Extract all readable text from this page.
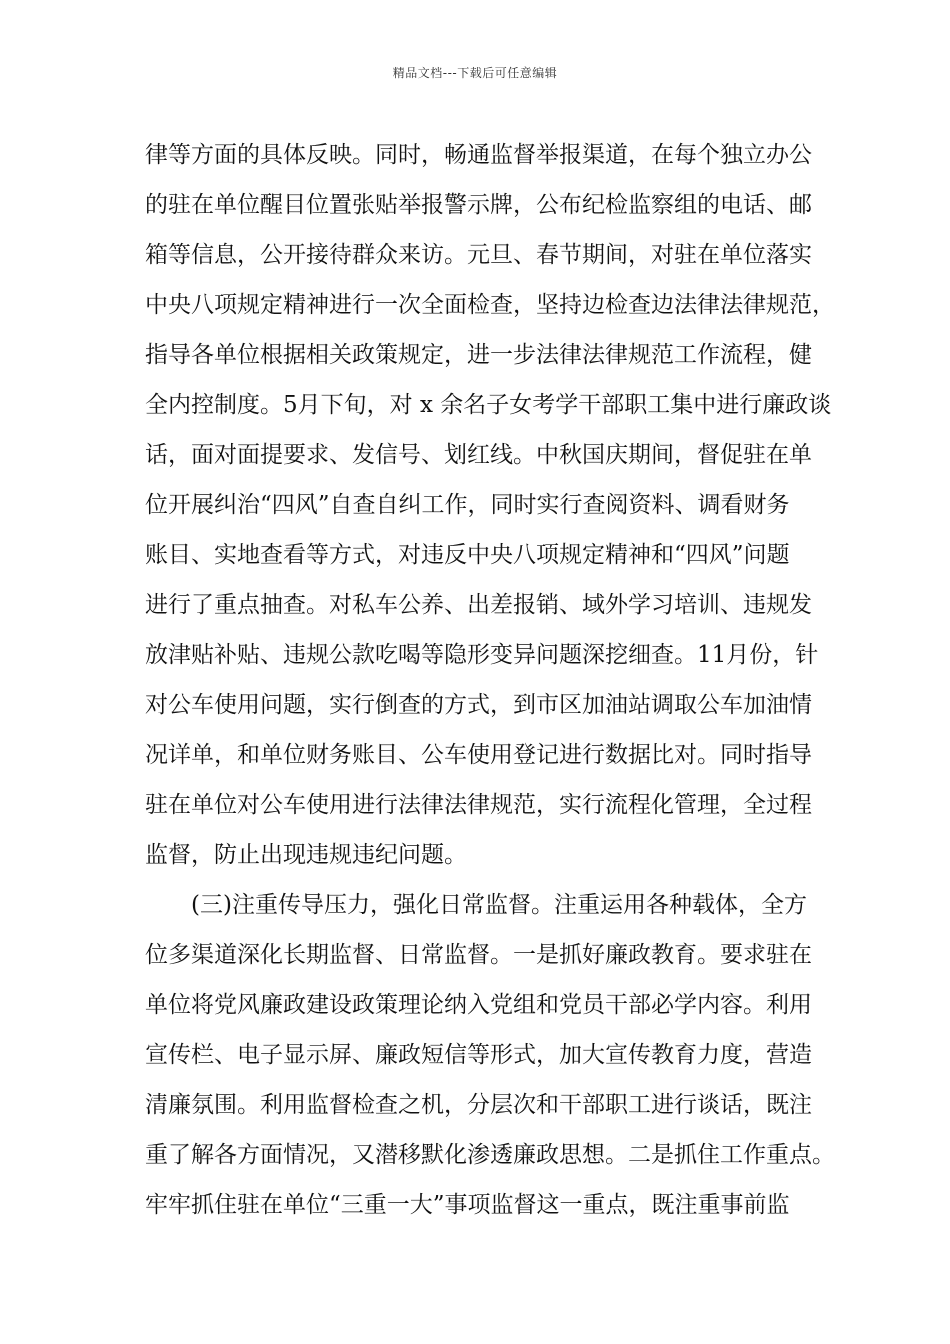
精品文档---下载后可任意编辑
律等方面的具体反映。同时，畅通监督举报渠道，在每个独立办公
的驻在单位醒目位置张贴举报警示牌，公布纪检监察组的电话、邮
箱等信息，公开接待群众来访。元旦、春节期间，对驻在单位落实
中央八项规定精神进行一次全面检查，坚持边检查边法律法律规范，
指导各单位根据相关政策规定，进一步法律法律规范工作流程，健
全内控制度。5月下旬，对 x 余名子女考学干部职工集中进行廉政谈
话，面对面提要求、发信号、划红线。中秋国庆期间，督促驻在单
位开展纠治“四风”自查自纠工作，同时实行查阅资料、调看财务
账目、实地查看等方式，对违反中央八项规定精神和“四风”问题
进行了重点抽查。对私车公养、出差报销、域外学习培训、违规发
放津贴补贴、违规公款吃喝等隐形变异问题深挖细查。11月份，针
对公车使用问题，实行倒查的方式，到市区加油站调取公车加油情
况详单，和单位财务账目、公车使用登记进行数据比对。同时指导
驻在单位对公车使用进行法律法律规范，实行流程化管理，全过程
监督，防止出现违规违纪问题。
(三)注重传导压力，强化日常监督。注重运用各种载体，全方
位多渠道深化长期监督、日常监督。一是抓好廉政教育。要求驻在
单位将党风廉政建设政策理论纳入党组和党员干部必学内容。利用
宣传栏、电子显示屏、廉政短信等形式，加大宣传教育力度，营造
清廉氛围。利用监督检查之机，分层次和干部职工进行谈话，既注
重了解各方面情况，又潜移默化渗透廉政思想。二是抓住工作重点。
牢牢抓住驻在单位“三重一大”事项监督这一重点，既注重事前监
